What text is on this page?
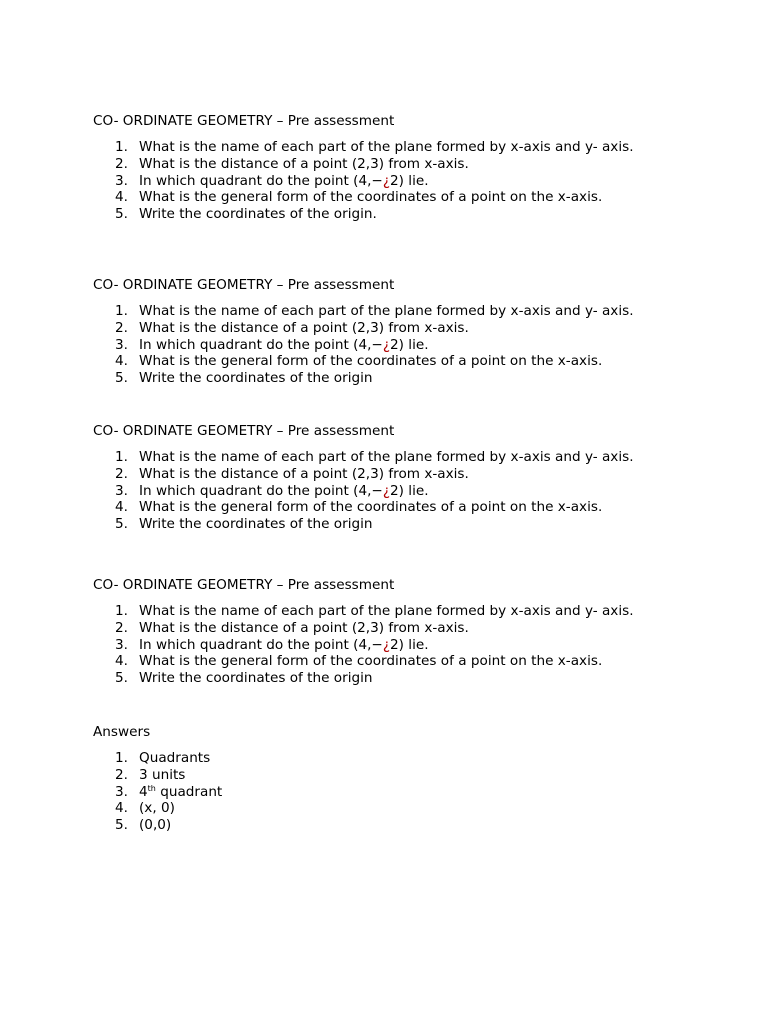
CO- ORDINATE GEOMETRY – Pre assessment
1. What is the name of each part of the plane formed by x-axis and y- axis.
2. What is the distance of a point (2,3) from x-axis.
3. In which quadrant do the point (4,−¿2) lie.
4. What is the general form of the coordinates of a point on the x-axis.
5. Write the coordinates of the origin.
CO- ORDINATE GEOMETRY – Pre assessment
1. What is the name of each part of the plane formed by x-axis and y- axis.
2. What is the distance of a point (2,3) from x-axis.
3. In which quadrant do the point (4,−¿2) lie.
4. What is the general form of the coordinates of a point on the x-axis.
5. Write the coordinates of the origin
CO- ORDINATE GEOMETRY – Pre assessment
1. What is the name of each part of the plane formed by x-axis and y- axis.
2. What is the distance of a point (2,3) from x-axis.
3. In which quadrant do the point (4,−¿2) lie.
4. What is the general form of the coordinates of a point on the x-axis.
5. Write the coordinates of the origin
CO- ORDINATE GEOMETRY – Pre assessment
1. What is the name of each part of the plane formed by x-axis and y- axis.
2. What is the distance of a point (2,3) from x-axis.
3. In which quadrant do the point (4,−¿2) lie.
4. What is the general form of the coordinates of a point on the x-axis.
5. Write the coordinates of the origin
Answers
1. Quadrants
2. 3 units
3. 4th quadrant
4. (x, 0)
5. (0,0)
